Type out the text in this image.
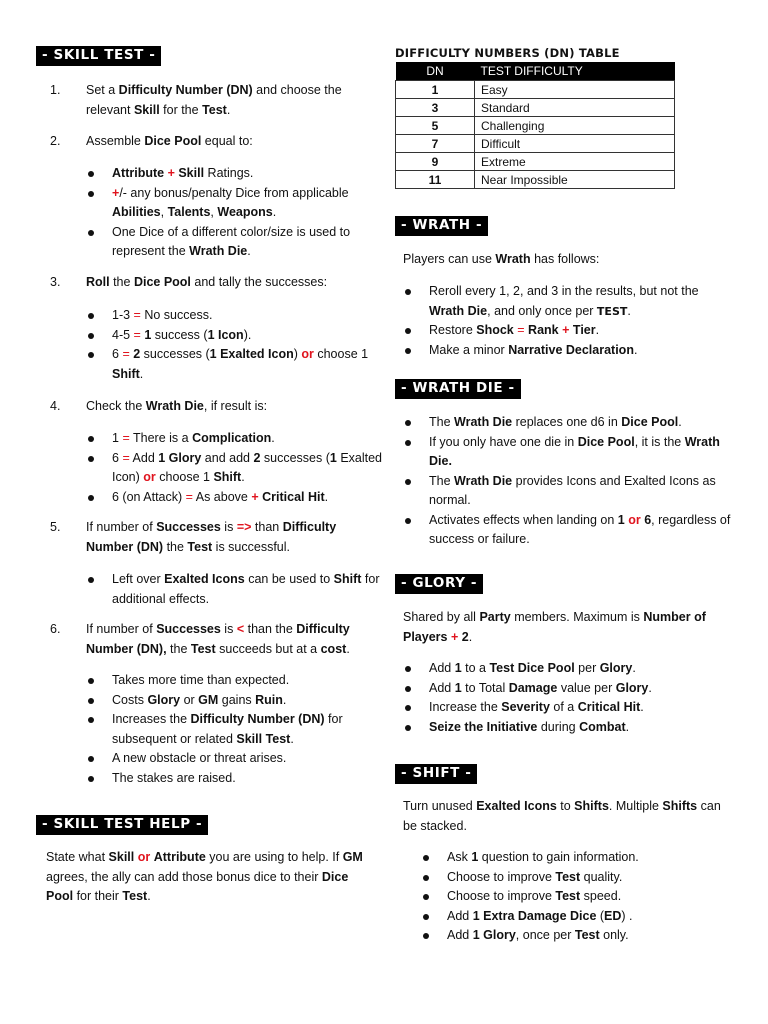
- SKILL TEST -
1. Set a Difficulty Number (DN) and choose the relevant Skill for the Test.
2. Assemble Dice Pool equal to:
Attribute + Skill Ratings.
+/- any bonus/penalty Dice from applicable Abilities, Talents, Weapons.
One Dice of a different color/size is used to represent the Wrath Die.
3. Roll the Dice Pool and tally the successes:
1-3 = No success.
4-5 = 1 success (1 Icon).
6 = 2 successes (1 Exalted Icon) or choose 1 Shift.
4. Check the Wrath Die, if result is:
1 = There is a Complication.
6 = Add 1 Glory and add 2 successes (1 Exalted Icon) or choose 1 Shift.
6 (on Attack) = As above + Critical Hit.
5. If number of Successes is => than Difficulty Number (DN) the Test is successful.
Left over Exalted Icons can be used to Shift for additional effects.
6. If number of Successes is < than the Difficulty Number (DN), the Test succeeds but at a cost.
Takes more time than expected.
Costs Glory or GM gains Ruin.
Increases the Difficulty Number (DN) for subsequent or related Skill Test.
A new obstacle or threat arises.
The stakes are raised.
- SKILL TEST HELP -
State what Skill or Attribute you are using to help. If GM agrees, the ally can add those bonus dice to their Dice Pool for their Test.
DIFFICULTY NUMBERS (DN) TABLE
DN	TEST DIFFICULTY
1	Easy
3	Standard
5	Challenging
7	Difficult
9	Extreme
11	Near Impossible
- WRATH -
Players can use Wrath has follows:
Reroll every 1, 2, and 3 in the results, but not the Wrath Die, and only once per TEST.
Restore Shock = Rank + Tier.
Make a minor Narrative Declaration.
- WRATH DIE -
The Wrath Die replaces one d6 in Dice Pool.
If you only have one die in Dice Pool, it is the Wrath Die.
The Wrath Die provides Icons and Exalted Icons as normal.
Activates effects when landing on 1 or 6, regardless of success or failure.
- GLORY -
Shared by all Party members. Maximum is Number of Players + 2.
Add 1 to a Test Dice Pool per Glory.
Add 1 to Total Damage value per Glory.
Increase the Severity of a Critical Hit.
Seize the Initiative during Combat.
- SHIFT -
Turn unused Exalted Icons to Shifts. Multiple Shifts can be stacked.
Ask 1 question to gain information.
Choose to improve Test quality.
Choose to improve Test speed.
Add 1 Extra Damage Dice (ED) .
Add 1 Glory, once per Test only.
